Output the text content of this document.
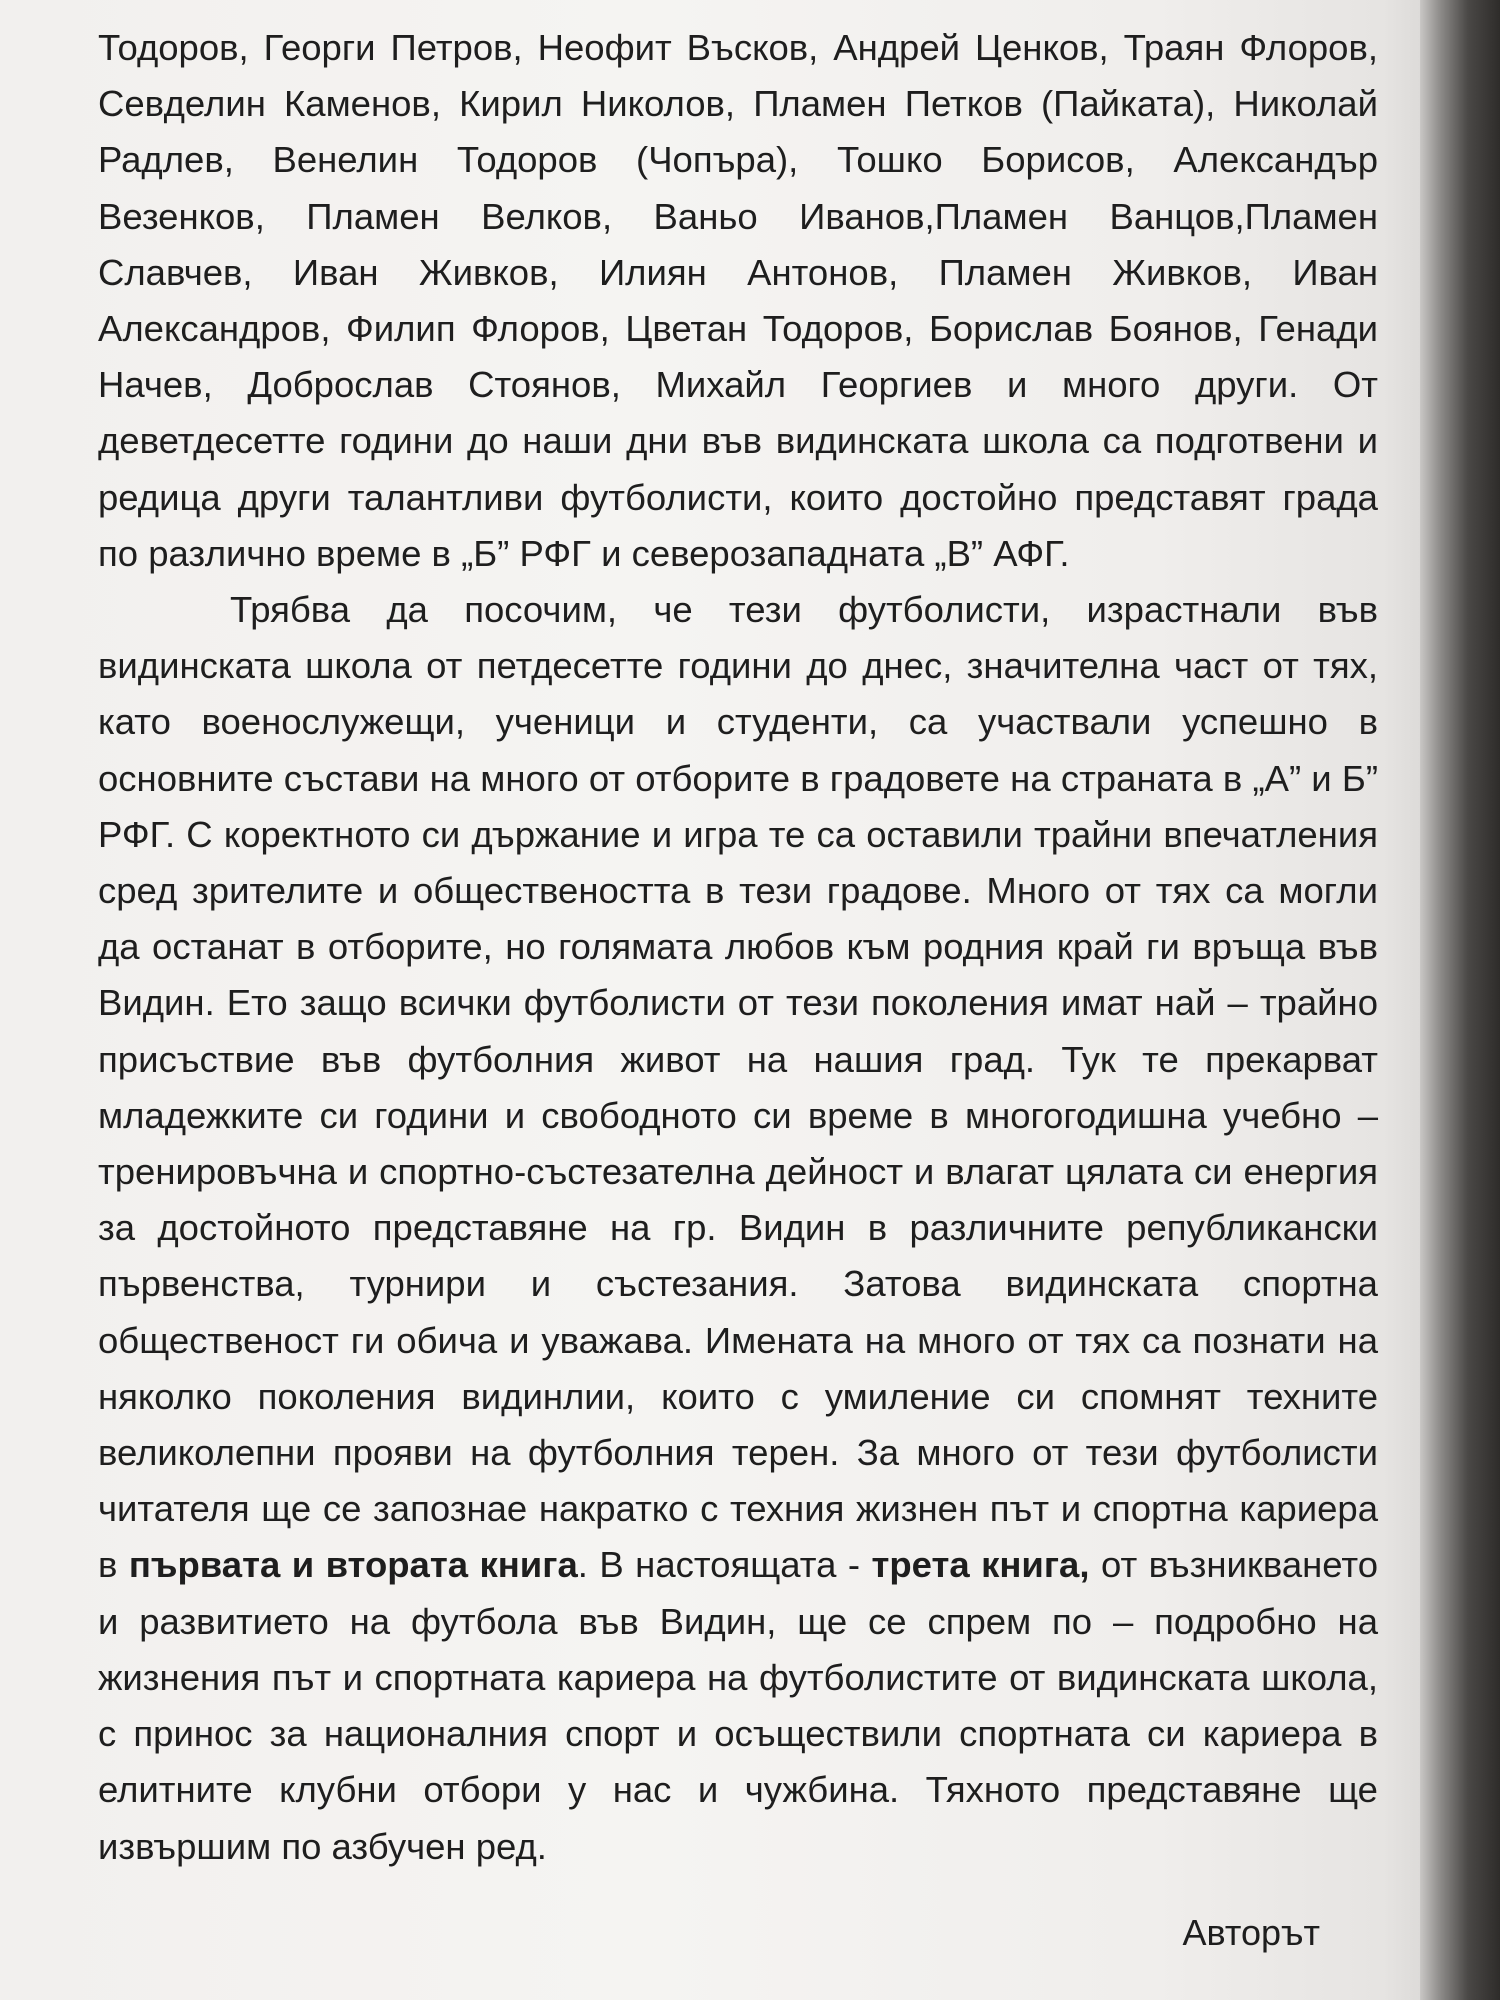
Тодоров, Георги Петров, Неофит Въсков, Андрей Ценков, Траян Флоров, Севделин Каменов, Кирил Николов, Пламен Петков (Пайката), Николай Радлев, Венелин Тодоров (Чопъра), Тошко Борисов, Александър Везенков, Пламен Велков, Ваньо Иванов,Пламен Ванцов,Пламен Славчев, Иван Живков, Илиян Антонов, Пламен Живков, Иван Александров, Филип Флоров, Цветан Тодоров, Борислав Боянов, Генади Начев, Доброслав Стоянов, Михайл Георгиев и много други. От деветдесетте години до наши дни във видинската школа са подготвени и редица други талантливи футболисти, които достойно представят града по различно време в „Б” РФГ и северозападната „В” АФГ.

Трябва да посочим, че тези футболисти, израстнали във видинската школа от петдесетте години до днес, значителна част от тях, като военослужещи, ученици и студенти, са участвали успешно в основните състави на много от отборите в градовете на страната в „А” и Б” РФГ. С коректното си държание и игра те са оставили трайни впечатления сред зрителите и обществеността в тези градове. Много от тях са могли да останат в отборите, но голямата любов към родния край ги връща във Видин. Ето защо всички футболисти от тези поколения имат най – трайно присъствие във футболния живот на нашия град. Тук те прекарват младежките си години и свободното си време в многогодишна учебно – тренировъчна и спортно-състезателна дейност и влагат цялата си енергия за достойното представяне на гр. Видин в различните републикански първенства, турнири и състезания. Затова видинската спортна общественост ги обича и уважава. Имената на много от тях са познати на няколко поколения видинлии, които с умиление си спомнят техните великолепни прояви на футболния терен. За много от тези футболисти читателя ще се запознае накратко с техния жизнен път и спортна кариера в първата и втората книга. В настоящата - трета книга, от възникването и развитието на футбола във Видин, ще се спрем по – подробно на жизнения път и спортната кариера на футболистите от видинската школа, с принос за националния спорт и осъществили спортната си кариера в елитните клубни отбори у нас и чужбина. Тяхното представяне ще извършим по азбучен ред.

Авторът
